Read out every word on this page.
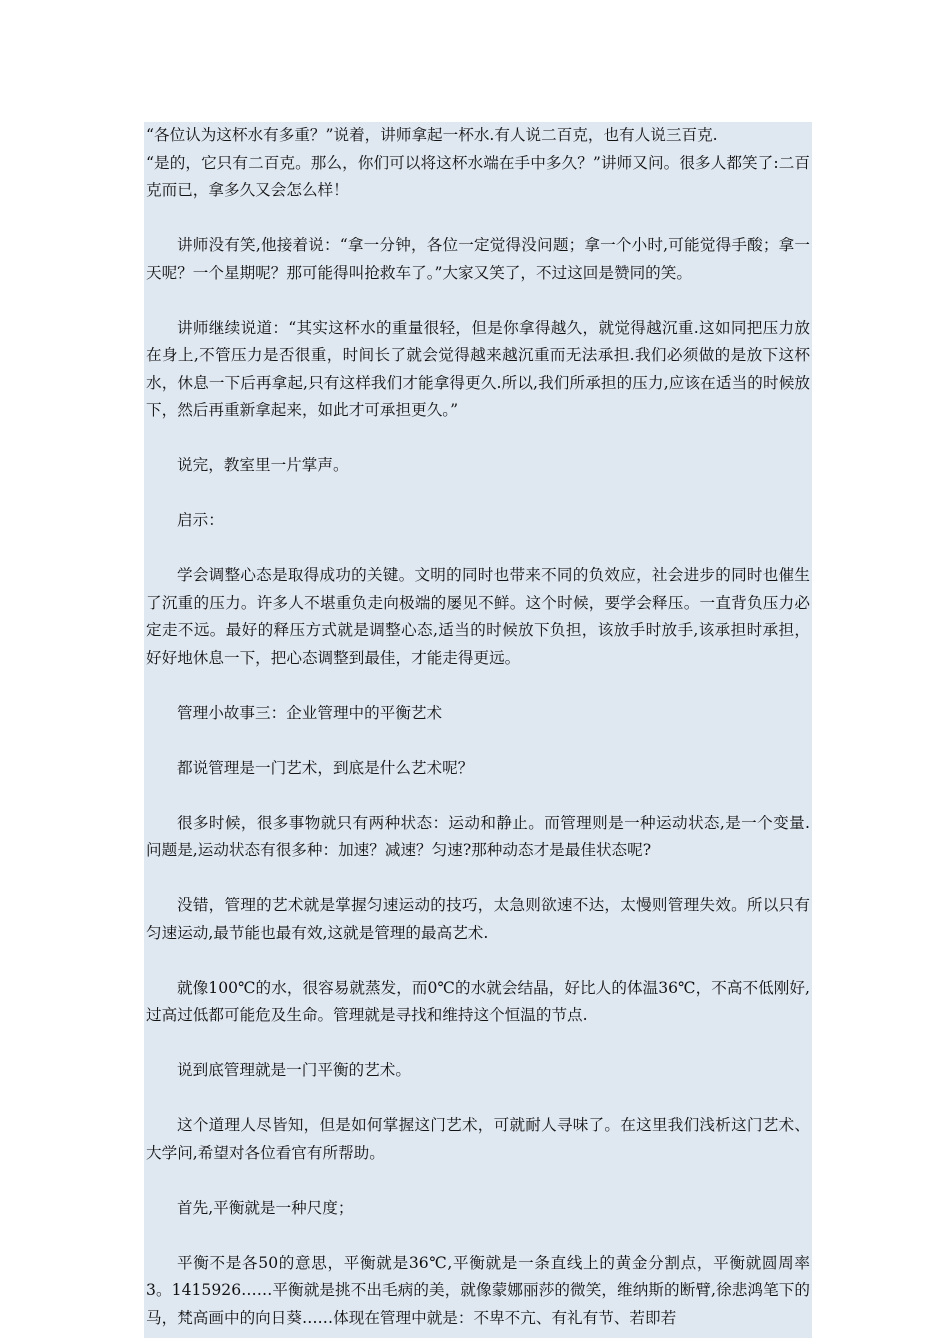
“各位认为这杯水有多重？”说着，讲师拿起一杯水.有人说二百克，也有人说三百克.

“是的，它只有二百克。那么，你们可以将这杯水端在手中多久？”讲师又问。很多人都笑了:二百克而已，拿多久又会怎么样！

讲师没有笑,他接着说：“拿一分钟，各位一定觉得没问题；拿一个小时,可能觉得手酸；拿一天呢？一个星期呢？那可能得叫抢救车了。”大家又笑了，不过这回是赞同的笑。

讲师继续说道：“其实这杯水的重量很轻，但是你拿得越久，就觉得越沉重.这如同把压力放在身上,不管压力是否很重，时间长了就会觉得越来越沉重而无法承担.我们必须做的是放下这杯水，休息一下后再拿起,只有这样我们才能拿得更久.所以,我们所承担的压力,应该在适当的时候放下，然后再重新拿起来，如此才可承担更久。”

说完，教室里一片掌声。

启示：

学会调整心态是取得成功的关键。文明的同时也带来不同的负效应，社会进步的同时也催生了沉重的压力。许多人不堪重负走向极端的屡见不鲜。这个时候，要学会释压。一直背负压力必定走不远。最好的释压方式就是调整心态,适当的时候放下负担，该放手时放手,该承担时承担，好好地休息一下，把心态调整到最佳，才能走得更远。

管理小故事三：企业管理中的平衡艺术

都说管理是一门艺术，到底是什么艺术呢？

很多时候，很多事物就只有两种状态：运动和静止。而管理则是一种运动状态,是一个变量.问题是,运动状态有很多种：加速？减速？匀速?那种动态才是最佳状态呢?

没错，管理的艺术就是掌握匀速运动的技巧，太急则欲速不达，太慢则管理失效。所以只有匀速运动,最节能也最有效,这就是管理的最高艺术.

就像100℃的水，很容易就蒸发，而0℃的水就会结晶，好比人的体温36℃，不高不低刚好,过高过低都可能危及生命。管理就是寻找和维持这个恒温的节点.

说到底管理就是一门平衡的艺术。

这个道理人尽皆知，但是如何掌握这门艺术，可就耐人寻味了。在这里我们浅析这门艺术、大学问,希望对各位看官有所帮助。

首先,平衡就是一种尺度；

平衡不是各50的意思，平衡就是36℃,平衡就是一条直线上的黄金分割点，平衡就圆周率3。1415926……平衡就是挑不出毛病的美，就像蒙娜丽莎的微笑，维纳斯的断臂,徐悲鸿笔下的马，梵高画中的向日葵……体现在管理中就是：不卑不亢、有礼有节、若即若
